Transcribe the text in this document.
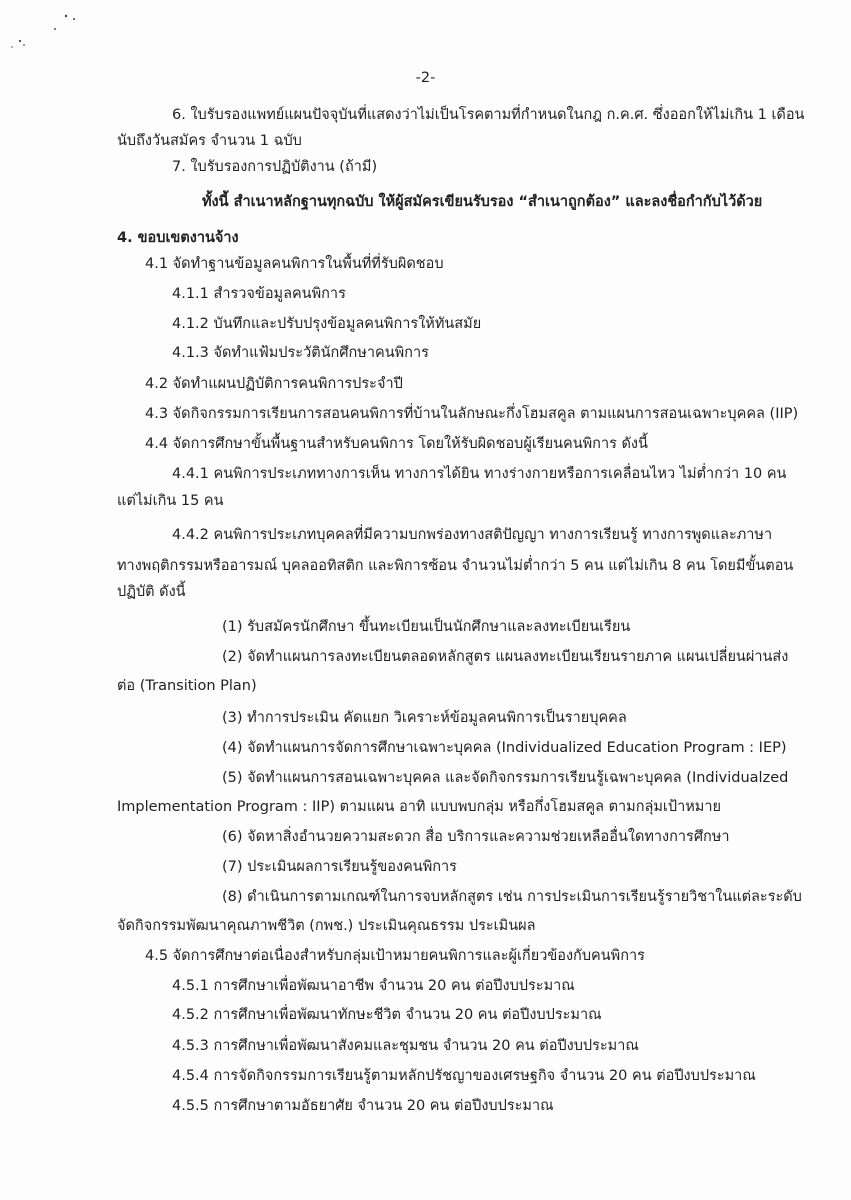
-2-
6. ใบรับรองแพทย์แผนปัจจุบันที่แสดงว่าไม่เป็นโรคตามที่กำหนดในกฎ ก.ค.ศ. ซึ่งออกให้ไม่เกิน 1 เดือน
นับถึงวันสมัคร จำนวน 1 ฉบับ
7. ใบรับรองการปฏิบัติงาน (ถ้ามี)
ทั้งนี้ สำเนาหลักฐานทุกฉบับ ให้ผู้สมัครเขียนรับรอง “สำเนาถูกต้อง” และลงชื่อกำกับไว้ด้วย
4. ขอบเขตงานจ้าง
4.1 จัดทำฐานข้อมูลคนพิการในพื้นที่ที่รับผิดชอบ
4.1.1 สำรวจข้อมูลคนพิการ
4.1.2 บันทึกและปรับปรุงข้อมูลคนพิการให้ทันสมัย
4.1.3 จัดทำแฟ้มประวัตินักศึกษาคนพิการ
4.2 จัดทำแผนปฏิบัติการคนพิการประจำปี
4.3 จัดกิจกรรมการเรียนการสอนคนพิการที่บ้านในลักษณะกึ่งโฮมสคูล ตามแผนการสอนเฉพาะบุคคล (IIP)
4.4 จัดการศึกษาขั้นพื้นฐานสำหรับคนพิการ โดยให้รับผิดชอบผู้เรียนคนพิการ ดังนี้
4.4.1 คนพิการประเภททางการเห็น ทางการได้ยิน ทางร่างกายหรือการเคลื่อนไหว ไม่ต่ำกว่า 10 คน
แต่ไม่เกิน 15 คน
4.4.2 คนพิการประเภทบุคคลที่มีความบกพร่องทางสติปัญญา ทางการเรียนรู้ ทางการพูดและภาษา
ทางพฤติกรรมหรืออารมณ์ บุคลออทิสติก และพิการซ้อน จำนวนไม่ต่ำกว่า 5 คน แต่ไม่เกิน 8 คน โดยมีขั้นตอน
ปฏิบัติ ดังนี้
(1) รับสมัครนักศึกษา ขึ้นทะเบียนเป็นนักศึกษาและลงทะเบียนเรียน
(2) จัดทำแผนการลงทะเบียนตลอดหลักสูตร แผนลงทะเบียนเรียนรายภาค แผนเปลี่ยนผ่านส่ง
ต่อ (Transition Plan)
(3) ทำการประเมิน คัดแยก วิเคราะห์ข้อมูลคนพิการเป็นรายบุคคล
(4) จัดทำแผนการจัดการศึกษาเฉพาะบุคคล (Individualized Education Program : IEP)
(5) จัดทำแผนการสอนเฉพาะบุคคล และจัดกิจกรรมการเรียนรู้เฉพาะบุคคล (Individualzed
Implementation Program : IIP) ตามแผน อาทิ แบบพบกลุ่ม หรือกึ่งโฮมสคูล ตามกลุ่มเป้าหมาย
(6) จัดหาสิ่งอำนวยความสะดวก สื่อ บริการและความช่วยเหลืออื่นใดทางการศึกษา
(7) ประเมินผลการเรียนรู้ของคนพิการ
(8) ดำเนินการตามเกณฑ์ในการจบหลักสูตร เช่น การประเมินการเรียนรู้รายวิชาในแต่ละระดับ
จัดกิจกรรมพัฒนาคุณภาพชีวิต (กพช.) ประเมินคุณธรรม ประเมินผล
4.5 จัดการศึกษาต่อเนื่องสำหรับกลุ่มเป้าหมายคนพิการและผู้เกี่ยวข้องกับคนพิการ
4.5.1 การศึกษาเพื่อพัฒนาอาชีพ จำนวน 20 คน ต่อปีงบประมาณ
4.5.2 การศึกษาเพื่อพัฒนาทักษะชีวิต จำนวน 20 คน ต่อปีงบประมาณ
4.5.3 การศึกษาเพื่อพัฒนาสังคมและชุมชน จำนวน 20 คน ต่อปีงบประมาณ
4.5.4 การจัดกิจกรรมการเรียนรู้ตามหลักปรัชญาของเศรษฐกิจ จำนวน 20 คน ต่อปีงบประมาณ
4.5.5 การศึกษาตามอัธยาศัย จำนวน 20 คน ต่อปีงบประมาณ
